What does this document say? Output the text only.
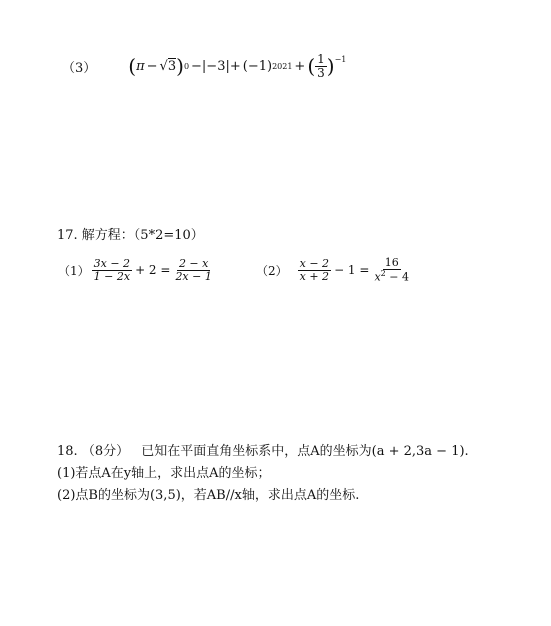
（3） ( π − √ 3 ) 0 −|−3|+ (−1) 2021 + ( $\frac{1}{3}$ ) −1
17. 解方程：（5*2=10）
$(1) \frac{3x - 2}{1 - 2x} + 2 = \frac{2 - x}{2x - 1}$	$(2) \frac{x - 2}{x + 2} - 1 = \frac{16}{x^2 - 4}$
18. （8分） 已知在平面直角坐标系中，点A的坐标为(a + 2,3a − 1).
(1)若点A在y轴上，求出点A的坐标；
(2)点B的坐标为(3,5)，若AB//x轴，求出点A的坐标.
